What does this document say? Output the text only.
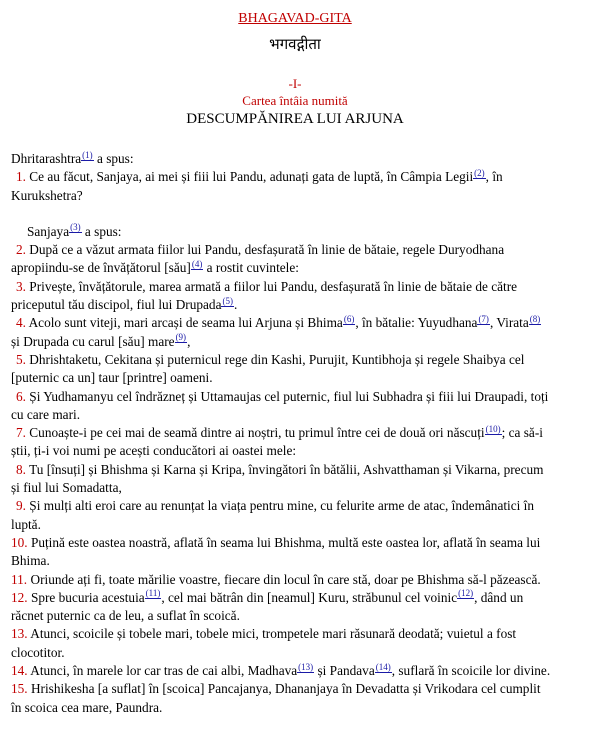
BHAGAVAD-GITA
भगवद्गीता
-I-
Cartea întâia numită
DESCUMPĂNIREA LUI ARJUNA

Dhritarashtra$^{(1)}$ a spus:

1. Ce au făcut, Sanjaya, ai mei și fiii lui Pandu, adunați gata de luptă, în Câmpia Legii$^{(2)}$, în Kurukshetra?

Sanjaya$^{(3)}$ a spus:

2. După ce a văzut armata fiilor lui Pandu, desfașurată în linie de bătaie, regele Duryodhana apropiindu-se de învățătorul [său]$^{(4)}$ a rostit cuvintele:

3. Privește, învățătorule, marea armată a fiilor lui Pandu, desfașurată în linie de bătaie de către priceputul tău discipol, fiul lui Drupada$^{(5)}$.

4. Acolo sunt viteji, mari arcași de seama lui Arjuna și Bhima$^{(6)}$, în bătalie: Yuyudhana$^{(7)}$, Virata$^{(8)}$ și Drupada cu carul [său] mare$^{(9)}$,

5. Dhrishtaketu, Cekitana și puternicul rege din Kashi, Purujit, Kuntibhoja și regele Shaibya cel [puternic ca un] taur [printre] oameni.

6. Și Yudhamanyu cel îndrăzneț și Uttamaujas cel puternic, fiul lui Subhadra și fiii lui Draupadi, toți cu care mari.

7. Cunoaște-i pe cei mai de seamă dintre ai noștri, tu primul între cei de două ori născuți$^{(10)}$; ca să-i știi, ți-i voi numi pe acești conducători ai oastei mele:

8. Tu [însuți] și Bhishma și Karna și Kripa, învingători în bătălii, Ashvatthaman și Vikarna, precum și fiul lui Somadatta,

9. Și mulți alti eroi care au renunțat la viața pentru mine, cu felurite arme de atac, îndemânatici în luptă.

10. Puțină este oastea noastră, aflată în seama lui Bhishma, multă este oastea lor, aflată în seama lui Bhima.

11. Oriunde ați fi, toate mărilie voastre, fiecare din locul în care stă, doar pe Bhishma să-l păzească.

12. Spre bucuria acestuia$^{(11)}$, cel mai bătrân din [neamul] Kuru, străbunul cel voinic$^{(12)}$, dând un răcnet puternic ca de leu, a suflat în scoică.

13. Atunci, scoicile și tobele mari, tobele mici, trompetele mari răsunară deodată; vuietul a fost clocotitor.

14. Atunci, în marele lor car tras de cai albi, Madhava$^{(13)}$ și Pandava$^{(14)}$, suflară în scoicile lor divine.

15. Hrishikesha [a suflat] în [scoica] Pancajanya, Dhananjaya în Devadatta și Vrikodara cel cumplit în scoica cea mare, Paundra.
